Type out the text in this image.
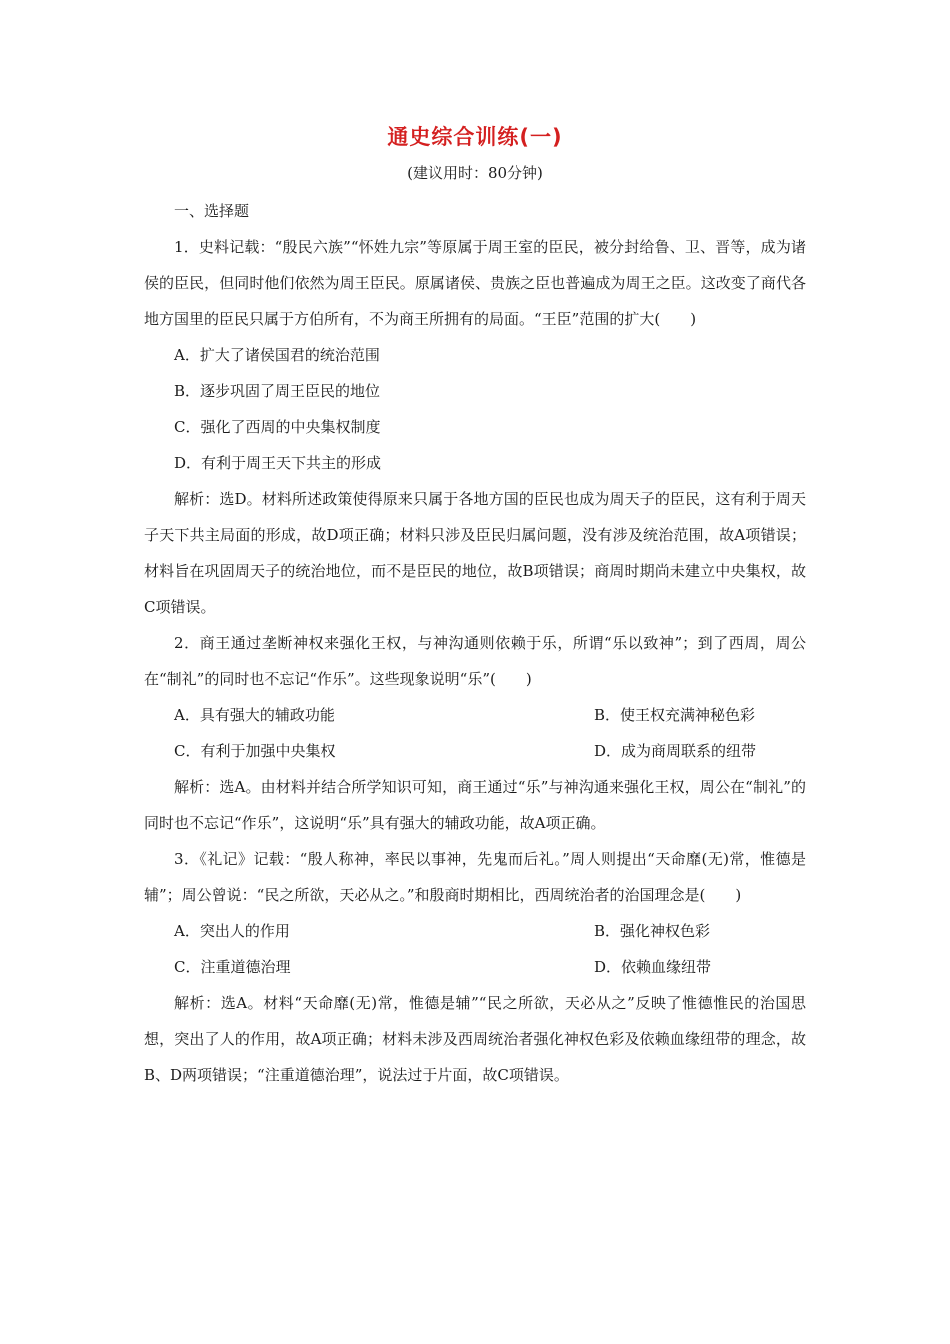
通史综合训练(一)
(建议用时：80分钟)

一、选择题

1．史料记载：“殷民六族”“怀姓九宗”等原属于周王室的臣民，被分封给鲁、卫、晋等，成为诸侯的臣民，但同时他们依然为周王臣民。原属诸侯、贵族之臣也普遍成为周王之臣。这改变了商代各地方国里的臣民只属于方伯所有，不为商王所拥有的局面。“王臣”范围的扩大(　　)

A．扩大了诸侯国君的统治范围

B．逐步巩固了周王臣民的地位

C．强化了西周的中央集权制度

D．有利于周王天下共主的形成

解析：选D。材料所述政策使得原来只属于各地方国的臣民也成为周天子的臣民，这有利于周天子天下共主局面的形成，故D项正确；材料只涉及臣民归属问题，没有涉及统治范围，故A项错误；材料旨在巩固周天子的统治地位，而不是臣民的地位，故B项错误；商周时期尚未建立中央集权，故C项错误。

2．商王通过垄断神权来强化王权，与神沟通则依赖于乐，所谓“乐以致神”；到了西周，周公在“制礼”的同时也不忘记“作乐”。这些现象说明“乐”(　　)

A．具有强大的辅政功能	B．使王权充满神秘色彩
C．有利于加强中央集权	D．成为商周联系的纽带

解析：选A。由材料并结合所学知识可知，商王通过“乐”与神沟通来强化王权，周公在“制礼”的同时也不忘记“作乐”，这说明“乐”具有强大的辅政功能，故A项正确。

3．《礼记》记载：“殷人称神，率民以事神，先鬼而后礼。”周人则提出“天命靡(无)常，惟德是辅”；周公曾说：“民之所欲，天必从之。”和殷商时期相比，西周统治者的治国理念是(　　)

A．突出人的作用	B．强化神权色彩
C．注重道德治理	D．依赖血缘纽带

解析：选A。材料“天命靡(无)常，惟德是辅”“民之所欲，天必从之”反映了惟德惟民的治国思想，突出了人的作用，故A项正确；材料未涉及西周统治者强化神权色彩及依赖血缘纽带的理念，故B、D两项错误；“注重道德治理”，说法过于片面，故C项错误。
